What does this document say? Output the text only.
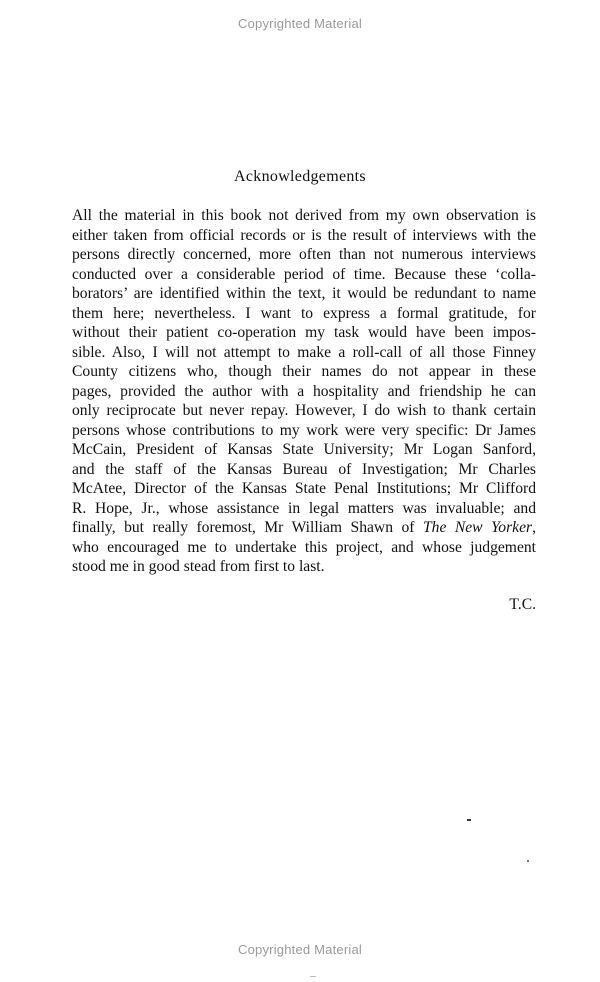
Copyrighted Material
Acknowledgements
All the material in this book not derived from my own observation is
either taken from official records or is the result of interviews with the
persons directly concerned, more often than not numerous interviews
conducted over a considerable period of time. Because these ‘colla-
borators’ are identified within the text, it would be redundant to name
them here; nevertheless. I want to express a formal gratitude, for
without their patient co-operation my task would have been impos-
sible. Also, I will not attempt to make a roll-call of all those Finney
County citizens who, though their names do not appear in these
pages, provided the author with a hospitality and friendship he can
only reciprocate but never repay. However, I do wish to thank certain
persons whose contributions to my work were very specific: Dr James
McCain, President of Kansas State University; Mr Logan Sanford,
and the staff of the Kansas Bureau of Investigation; Mr Charles
McAtee, Director of the Kansas State Penal Institutions; Mr Clifford
R. Hope, Jr., whose assistance in legal matters was invaluable; and
finally, but really foremost, Mr William Shawn of The New Yorker,
who encouraged me to undertake this project, and whose judgement
stood me in good stead from first to last.
T.C.
Copyrighted Material
